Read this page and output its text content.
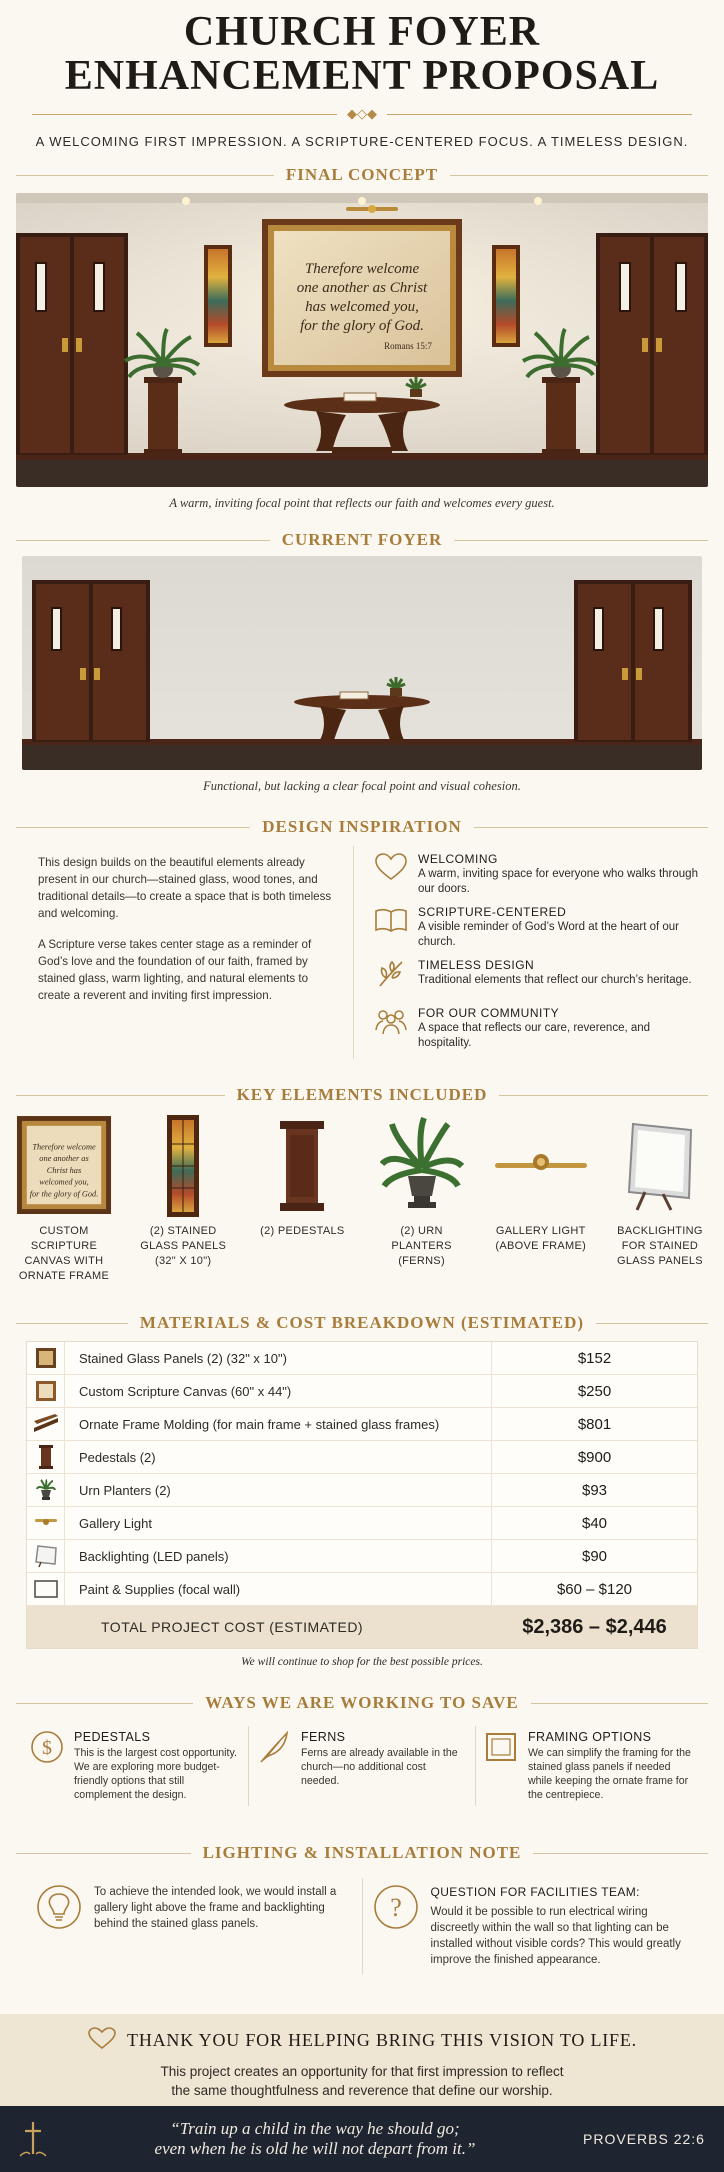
CHURCH FOYER
ENHANCEMENT PROPOSAL
◆◇◆
A WELCOMING FIRST IMPRESSION. A SCRIPTURE-CENTERED FOCUS. A TIMELESS DESIGN.
FINAL CONCEPT
Therefore welcome
one another as Christ
has welcomed you,
for the glory of God.
Romans 15:7
A warm, inviting focal point that reflects our faith and welcomes every guest.
CURRENT FOYER
Functional, but lacking a clear focal point and visual cohesion.
DESIGN INSPIRATION

This design builds on the beautiful elements already present in our church—stained glass, wood tones, and traditional details—to create a space that is both timeless and welcoming.

A Scripture verse takes center stage as a reminder of God’s love and the foundation of our faith, framed by stained glass, warm lighting, and natural elements to create a reverent and inviting first impression.

WELCOMING
A warm, inviting space for everyone who walks through our doors.
SCRIPTURE-CENTERED
A visible reminder of God’s Word at the heart of our church.
TIMELESS DESIGN
Traditional elements that reflect our church’s heritage.
FOR OUR COMMUNITY
A space that reflects our care, reverence, and hospitality.
KEY ELEMENTS INCLUDED
Therefore welcome
one another as
Christ has
welcomed you,
for the glory of God.
CUSTOM SCRIPTURE CANVAS WITH ORNATE FRAME
(2) STAINED GLASS PANELS (32" X 10")
(2) PEDESTALS	(2) URN PLANTERS (FERNS)
GALLERY LIGHT (ABOVE FRAME)
BACKLIGHTING FOR STAINED GLASS PANELS
MATERIALS & COST BREAKDOWN (ESTIMATED)
Stained Glass Panels (2) (32" x 10")	$152
Custom Scripture Canvas (60" x 44")	$250
Ornate Frame Molding (for main frame + stained glass frames)	$801
Pedestals (2)	$900
Urn Planters (2)	$93
Gallery Light	$40
Backlighting (LED panels)	$90
Paint & Supplies (focal wall)	$60 – $120
TOTAL PROJECT COST (ESTIMATED)	$2,386 – $2,446
We will continue to shop for the best possible prices.
WAYS WE ARE WORKING TO SAVE
$ PEDESTALS
This is the largest cost opportunity. We are exploring more budget-friendly options that still complement the design.
FERNS
Ferns are already available in the church—no additional cost needed.
FRAMING OPTIONS
We can simplify the framing for the stained glass panels if needed while keeping the ornate frame for the centrepiece.
LIGHTING & INSTALLATION NOTE
To achieve the intended look, we would install a gallery light above the frame and backlighting behind the stained glass panels.
?
QUESTION FOR FACILITIES TEAM:
Would it be possible to run electrical wiring discreetly within the wall so that lighting can be installed without visible cords? This would greatly improve the finished appearance.
THANK YOU FOR HELPING BRING THIS VISION TO LIFE.

This project creates an opportunity for that first impression to reflect
the same thoughtfulness and reverence that define our worship.

“Train up a child in the way he should go;
even when he is old he will not depart from it.”	PROVERBS 22:6
